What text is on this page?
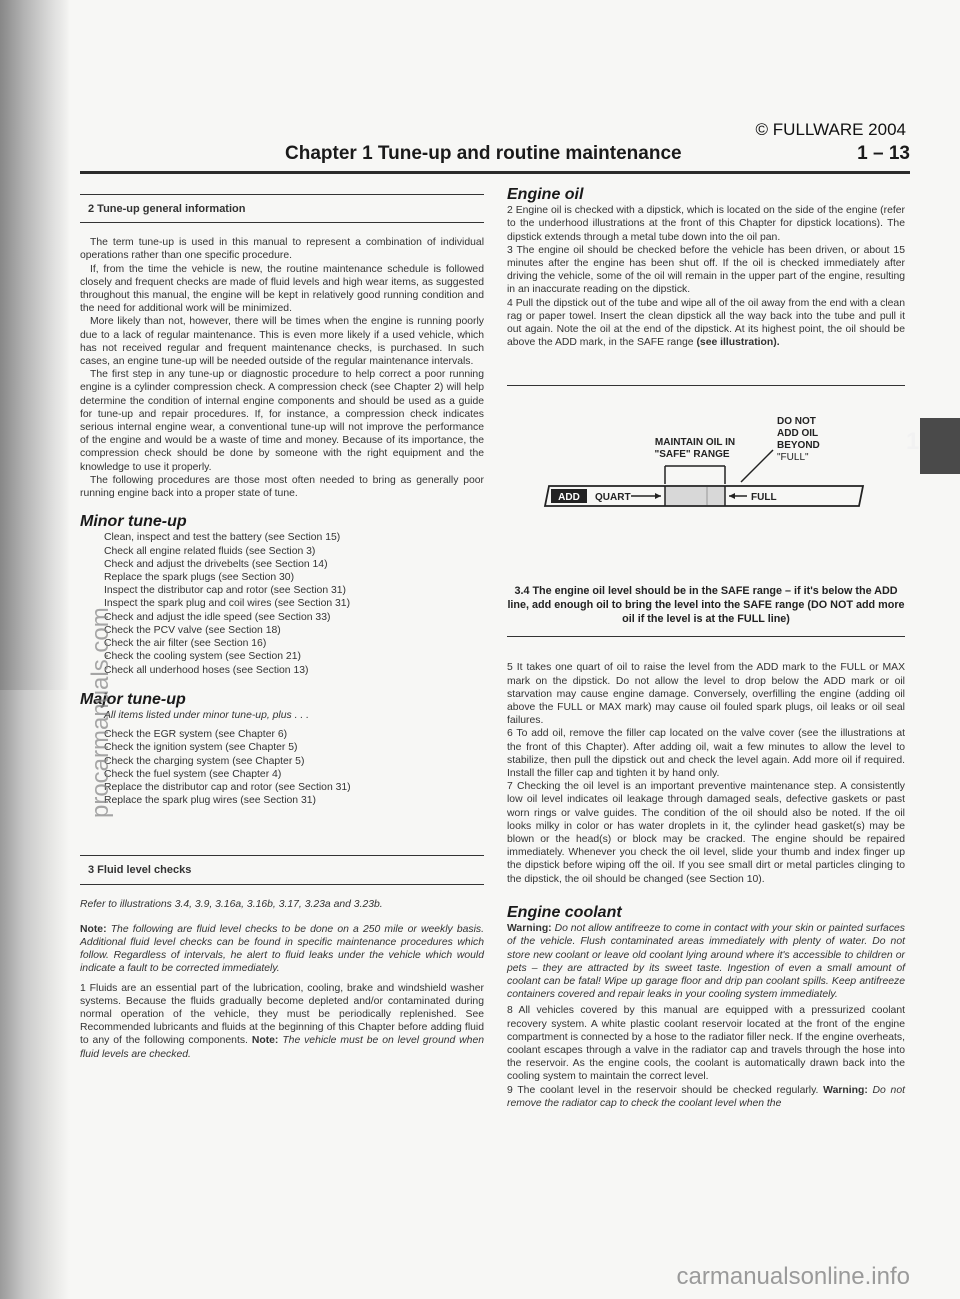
© FULLWARE 2004
Chapter 1 Tune-up and routine maintenance	1 – 13
1
2 Tune-up general information

The term tune-up is used in this manual to represent a combination of individual operations rather than one specific procedure.

If, from the time the vehicle is new, the routine maintenance schedule is followed closely and frequent checks are made of fluid levels and high wear items, as suggested throughout this manual, the engine will be kept in relatively good running condition and the need for additional work will be minimized.

More likely than not, however, there will be times when the engine is running poorly due to a lack of regular maintenance. This is even more likely if a used vehicle, which has not received regular and frequent maintenance checks, is purchased. In such cases, an engine tune-up will be needed outside of the regular maintenance intervals.

The first step in any tune-up or diagnostic procedure to help correct a poor running engine is a cylinder compression check. A compression check (see Chapter 2) will help determine the condition of internal engine components and should be used as a guide for tune-up and repair procedures. If, for instance, a compression check indicates serious internal engine wear, a conventional tune-up will not improve the performance of the engine and would be a waste of time and money. Because of its importance, the compression check should be done by someone with the right equipment and the knowledge to use it properly.

The following procedures are those most often needed to bring as generally poor running engine back into a proper state of tune.

Minor tune-up
Clean, inspect and test the battery (see Section 15)
Check all engine related fluids (see Section 3)
Check and adjust the drivebelts (see Section 14)
Replace the spark plugs (see Section 30)
Inspect the distributor cap and rotor (see Section 31)
Inspect the spark plug and coil wires (see Section 31)
Check and adjust the idle speed (see Section 33)
Check the PCV valve (see Section 18)
Check the air filter (see Section 16)
Check the cooling system (see Section 21)
Check all underhood hoses (see Section 13)
Major tune-up
All items listed under minor tune-up, plus . . .
Check the EGR system (see Chapter 6)
Check the ignition system (see Chapter 5)
Check the charging system (see Chapter 5)
Check the fuel system (see Chapter 4)
Replace the distributor cap and rotor (see Section 31)
Replace the spark plug wires (see Section 31)
3 Fluid level checks

Refer to illustrations 3.4, 3.9, 3.16a, 3.16b, 3.17, 3.23a and 3.23b.

Note: The following are fluid level checks to be done on a 250 mile or weekly basis. Additional fluid level checks can be found in specific maintenance procedures which follow. Regardless of intervals, he alert to fluid leaks under the vehicle which would indicate a fault to be corrected immediately.

1 Fluids are an essential part of the lubrication, cooling, brake and windshield washer systems. Because the fluids gradually become depleted and/or contaminated during normal operation of the vehicle, they must be periodically replenished. See Recommended lubricants and fluids at the beginning of this Chapter before adding fluid to any of the following components. Note: The vehicle must be on level ground when fluid levels are checked.

Engine oil

2 Engine oil is checked with a dipstick, which is located on the side of the engine (refer to the underhood illustrations at the front of this Chapter for dipstick locations). The dipstick extends through a metal tube down into the oil pan.

3 The engine oil should be checked before the vehicle has been driven, or about 15 minutes after the engine has been shut off. If the oil is checked immediately after driving the vehicle, some of the oil will remain in the upper part of the engine, resulting in an inaccurate reading on the dipstick.

4 Pull the dipstick out of the tube and wipe all of the oil away from the end with a clean rag or paper towel. Insert the clean dipstick all the way back into the tube and pull it out again. Note the oil at the end of the dipstick. At its highest point, the oil should be above the ADD mark, in the SAFE range (see illustration).

MAINTAIN OIL IN
"SAFE" RANGE
DO NOT
ADD OIL
BEYOND
"FULL"
ADD QUART	FULL
3.4 The engine oil level should be in the SAFE range – if it's below the ADD line, add enough oil to bring the level into the SAFE range (DO NOT add more oil if the level is at the FULL line)

5 It takes one quart of oil to raise the level from the ADD mark to the FULL or MAX mark on the dipstick. Do not allow the level to drop below the ADD mark or oil starvation may cause engine damage. Conversely, overfilling the engine (adding oil above the FULL or MAX mark) may cause oil fouled spark plugs, oil leaks or oil seal failures.

6 To add oil, remove the filler cap located on the valve cover (see the illustrations at the front of this Chapter). After adding oil, wait a few minutes to allow the level to stabilize, then pull the dipstick out and check the level again. Add more oil if required. Install the filler cap and tighten it by hand only.

7 Checking the oil level is an important preventive maintenance step. A consistently low oil level indicates oil leakage through damaged seals, defective gaskets or past worn rings or valve guides. The condition of the oil should also be noted. If the oil looks milky in color or has water droplets in it, the cylinder head gasket(s) may be blown or the head(s) or block may be cracked. The engine should be repaired immediately. Whenever you check the oil level, slide your thumb and index finger up the dipstick before wiping off the oil. If you see small dirt or metal particles clinging to the dipstick, the oil should be changed (see Section 10).

Engine coolant

Warning: Do not allow antifreeze to come in contact with your skin or painted surfaces of the vehicle. Flush contaminated areas immediately with plenty of water. Do not store new coolant or leave old coolant lying around where it's accessible to children or pets – they are attracted by its sweet taste. Ingestion of even a small amount of coolant can be fatal! Wipe up garage floor and drip pan coolant spills. Keep antifreeze containers covered and repair leaks in your cooling system immediately.

8 All vehicles covered by this manual are equipped with a pressurized coolant recovery system. A white plastic coolant reservoir located at the front of the engine compartment is connected by a hose to the radiator filler neck. If the engine overheats, coolant escapes through a valve in the radiator cap and travels through the hose into the reservoir. As the engine cools, the coolant is automatically drawn back into the cooling system to maintain the correct level.

9 The coolant level in the reservoir should be checked regularly. Warning: Do not remove the radiator cap to check the coolant level when the

procarmanuals.com
carmanualsonline.info
